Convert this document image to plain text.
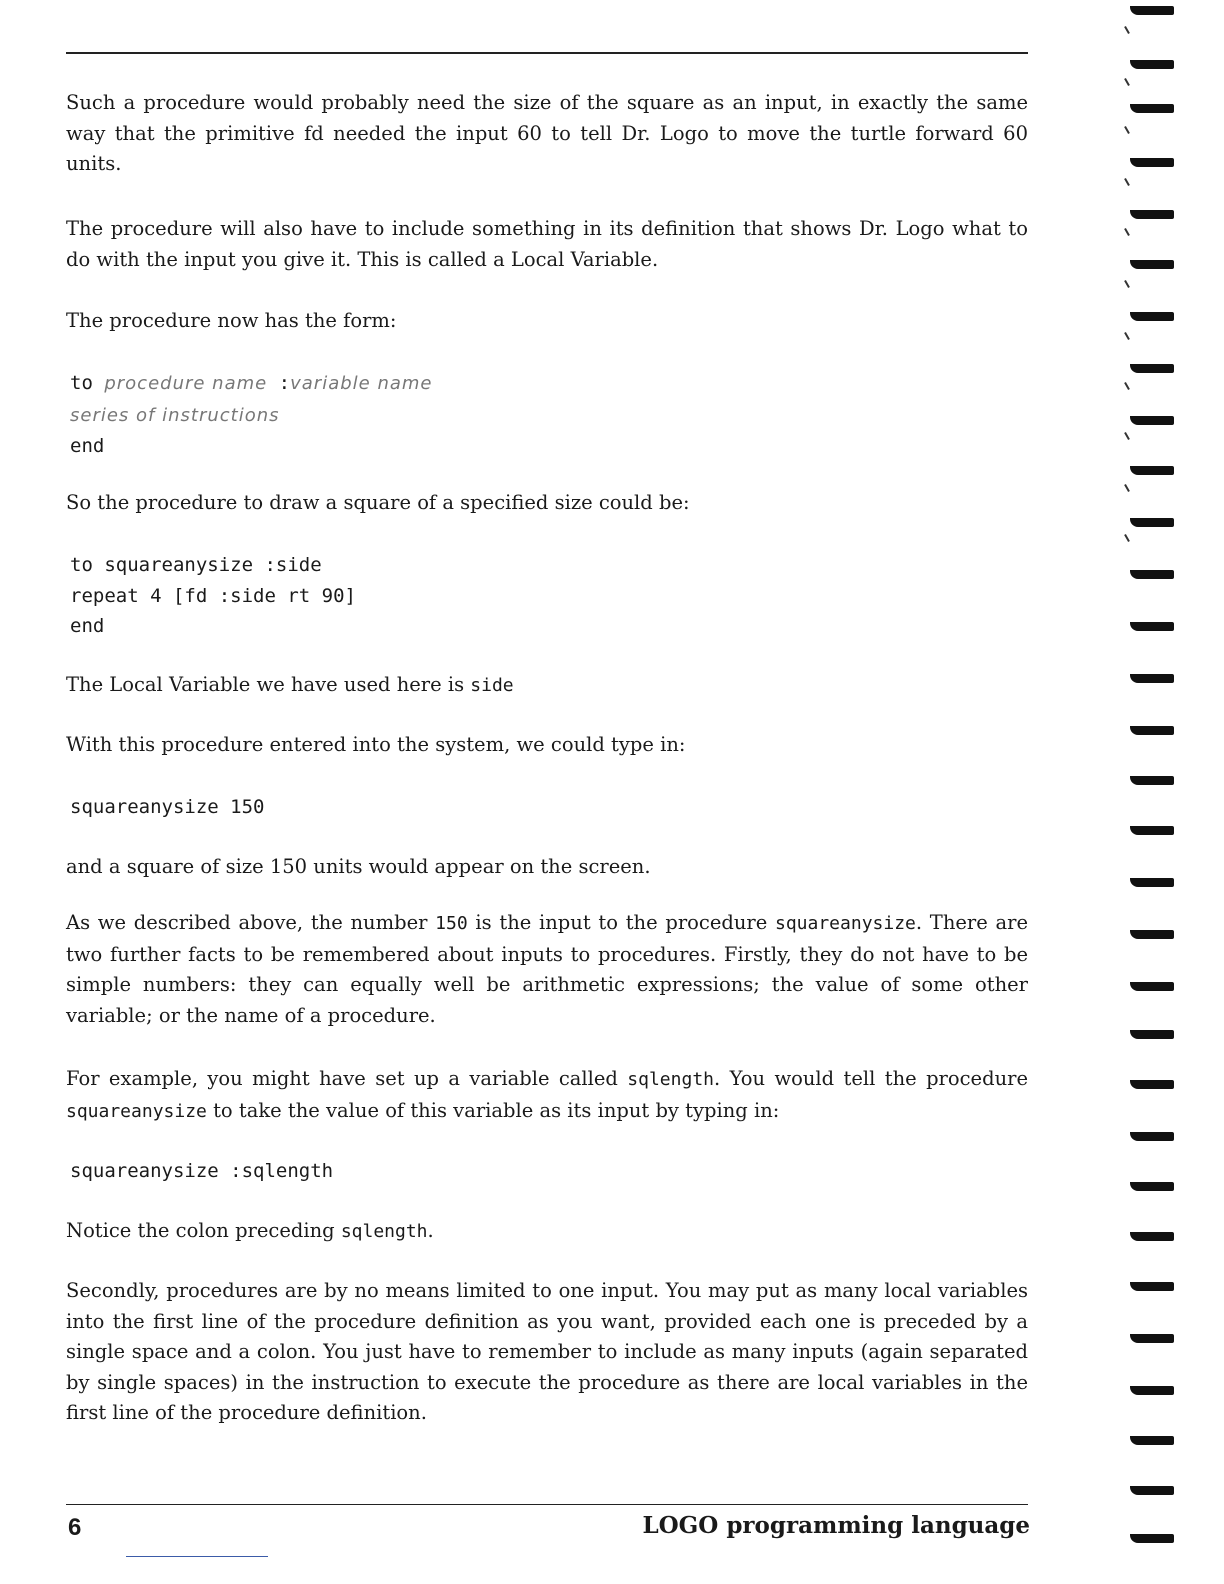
Such a procedure would probably need the size of the square as an input, in exactly the same way that the primitive fd needed the input 60 to tell Dr. Logo to move the turtle forward 60 units.

The procedure will also have to include something in its definition that shows Dr. Logo what to do with the input you give it. This is called a Local Variable.

The procedure now has the form:

to procedure name :variable name
series of instructions
end

So the procedure to draw a square of a specified size could be:

to squareanysize :side
repeat 4 [fd :side rt 90]
end

The Local Variable we have used here is side

With this procedure entered into the system, we could type in:

squareanysize 150

and a square of size 150 units would appear on the screen.

As we described above, the number 150 is the input to the procedure squareanysize. There are two further facts to be remembered about inputs to procedures. Firstly, they do not have to be simple numbers: they can equally well be arithmetic expressions; the value of some other variable; or the name of a procedure.

For example, you might have set up a variable called sqlength. You would tell the procedure squareanysize to take the value of this variable as its input by typing in:

squareanysize :sqlength

Notice the colon preceding sqlength.

Secondly, procedures are by no means limited to one input. You may put as many local variables into the first line of the procedure definition as you want, provided each one is preceded by a single space and a colon. You just have to remember to include as many inputs (again separated by single spaces) in the instruction to execute the procedure as there are local variables in the first line of the procedure definition.

6	LOGO programming language
